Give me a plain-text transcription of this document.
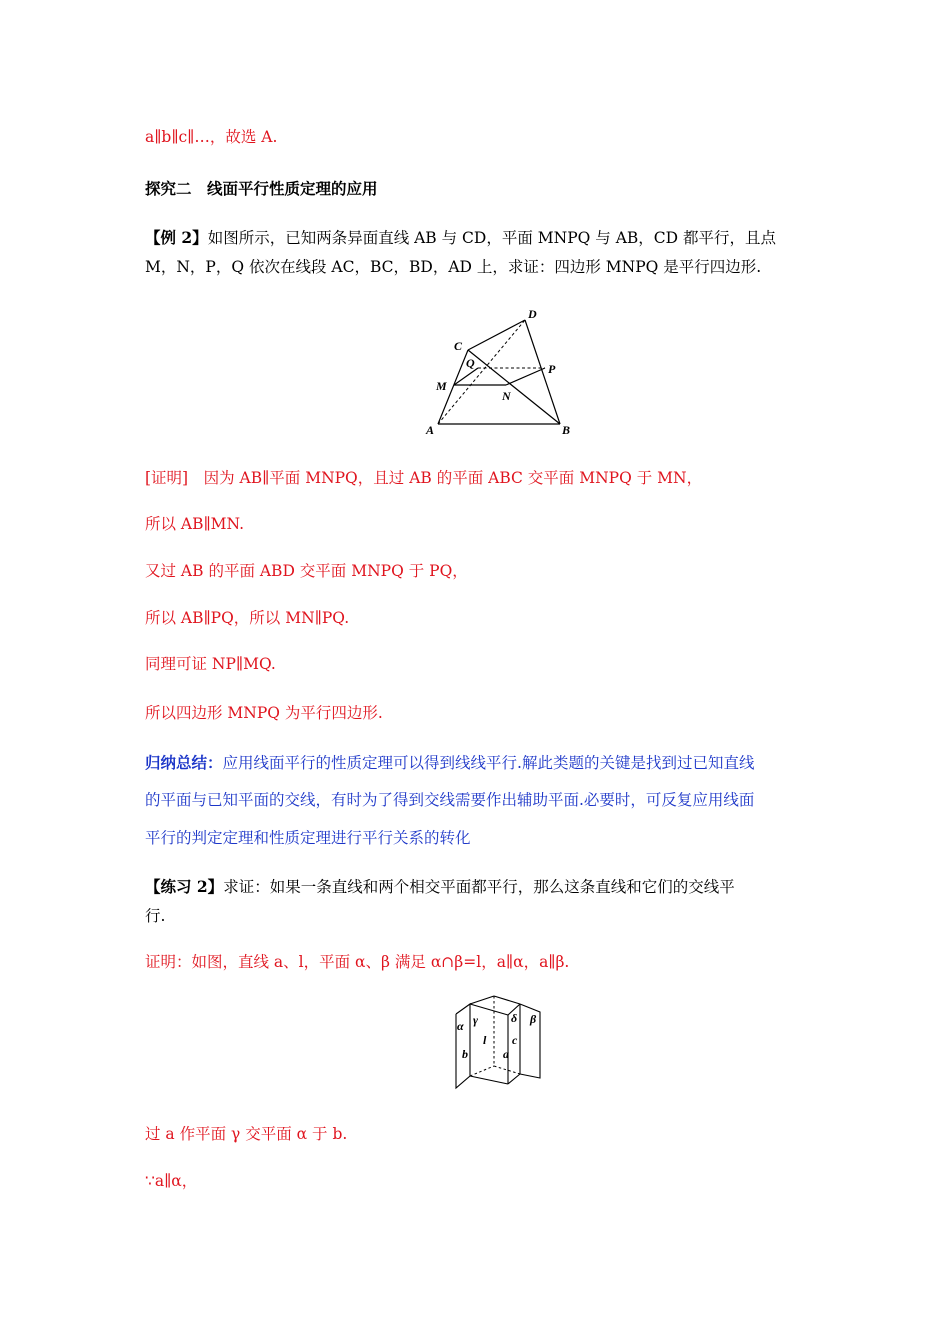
a∥b∥c∥…，故选 A.
探究二　线面平行性质定理的应用
【例 2】如图所示，已知两条异面直线 AB 与 CD，平面 MNPQ 与 AB，CD 都平行，且点
M，N，P，Q 依次在线段 AC，BC，BD，AD 上，求证：四边形 MNPQ 是平行四边形.
A	B
C
D
M
N
P
Q
[证明]　因为 AB∥平面 MNPQ，且过 AB 的平面 ABC 交平面 MNPQ 于 MN，
所以 AB∥MN.
又过 AB 的平面 ABD 交平面 MNPQ 于 PQ，
所以 AB∥PQ，所以 MN∥PQ.
同理可证 NP∥MQ.
所以四边形 MNPQ 为平行四边形.
归纳总结：应用线面平行的性质定理可以得到线线平行.解此类题的关键是找到过已知直线
的平面与已知平面的交线，有时为了得到交线需要作出辅助平面.必要时，可反复应用线面
平行的判定定理和性质定理进行平行关系的转化
【练习 2】求证：如果一条直线和两个相交平面都平行，那么这条直线和它们的交线平
行.
证明：如图，直线 a、l，平面 α、β 满足 α∩β=l，a∥α，a∥β.
α γ	δ β
b
l c
a
过 a 作平面 γ 交平面 α 于 b.
∵a∥α，
